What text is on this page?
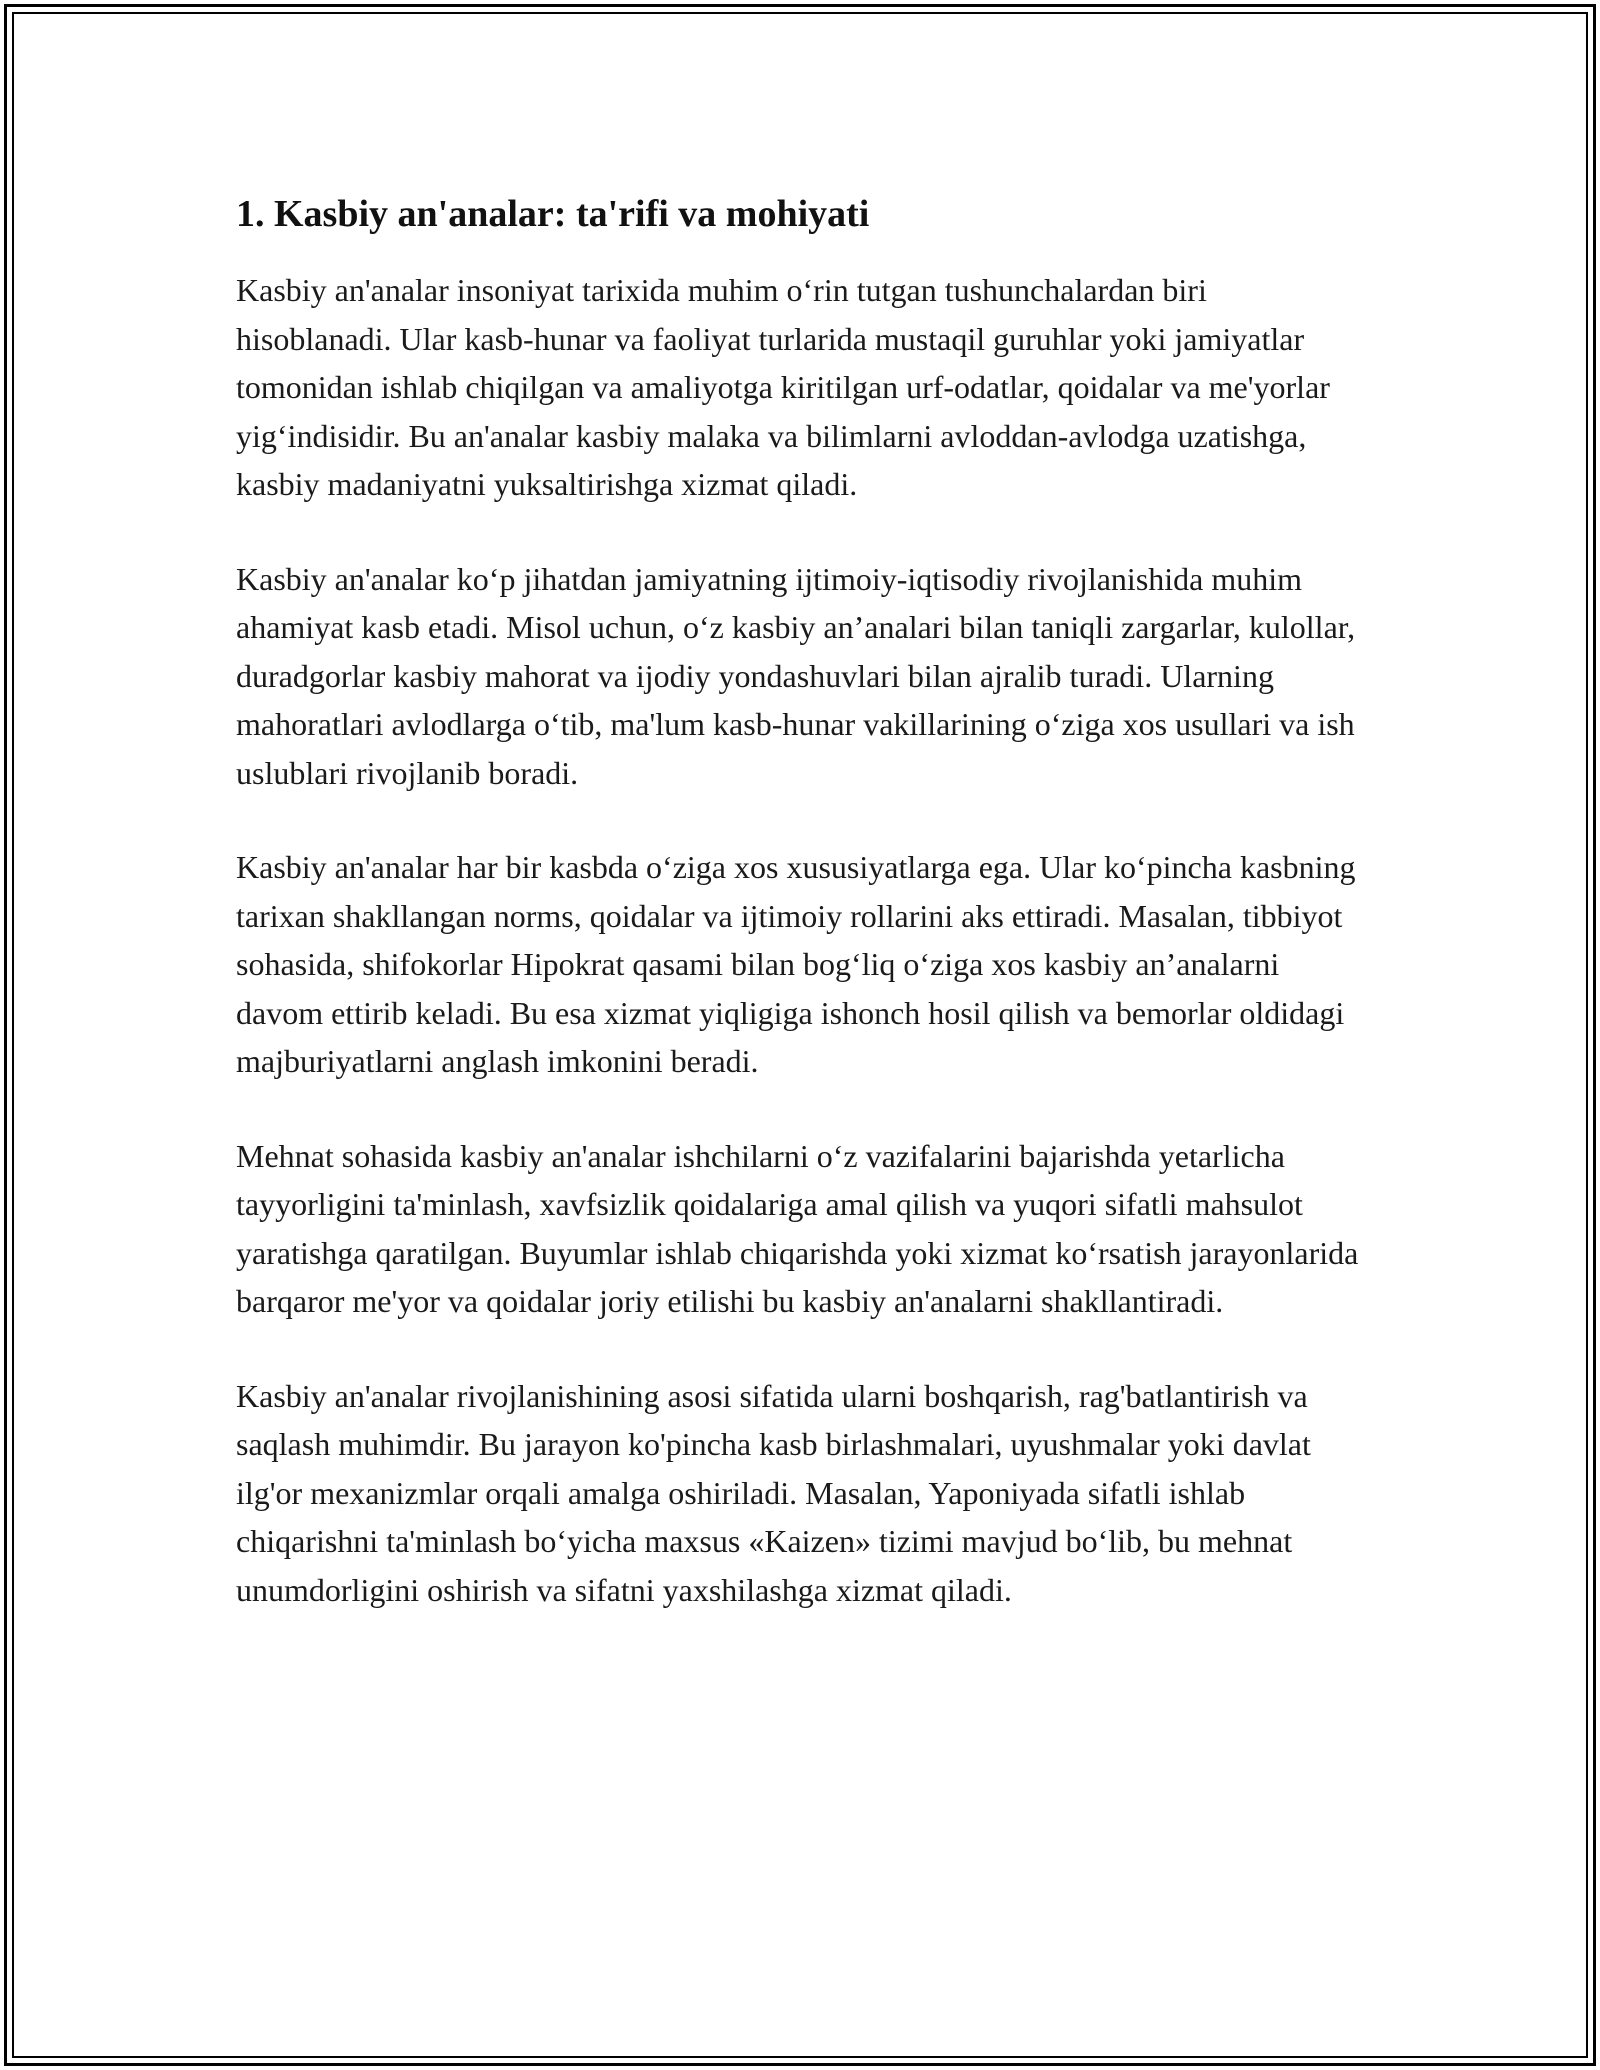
1. Kasbiy an'analar: ta'rifi va mohiyati

Kasbiy an'analar insoniyat tarixida muhim o‘rin tutgan tushunchalardan biri hisoblanadi. Ular kasb-hunar va faoliyat turlarida mustaqil guruhlar yoki jamiyatlar tomonidan ishlab chiqilgan va amaliyotga kiritilgan urf-odatlar, qoidalar va me'yorlar yig‘indisidir. Bu an'analar kasbiy malaka va bilimlarni avloddan-avlodga uzatishga, kasbiy madaniyatni yuksaltirishga xizmat qiladi.

Kasbiy an'analar ko‘p jihatdan jamiyatning ijtimoiy-iqtisodiy rivojlanishida muhim ahamiyat kasb etadi. Misol uchun, o‘z kasbiy an’analari bilan taniqli zargarlar, kulollar, duradgorlar kasbiy mahorat va ijodiy yondashuvlari bilan ajralib turadi. Ularning mahoratlari avlodlarga o‘tib, ma'lum kasb-hunar vakillarining o‘ziga xos usullari va ish uslublari rivojlanib boradi.

Kasbiy an'analar har bir kasbda o‘ziga xos xususiyatlarga ega. Ular ko‘pincha kasbning tarixan shakllangan norms, qoidalar va ijtimoiy rollarini aks ettiradi. Masalan, tibbiyot sohasida, shifokorlar Hipokrat qasami bilan bog‘liq o‘ziga xos kasbiy an’analarni davom ettirib keladi. Bu esa xizmat yiqligiga ishonch hosil qilish va bemorlar oldidagi majburiyatlarni anglash imkonini beradi.

Mehnat sohasida kasbiy an'analar ishchilarni o‘z vazifalarini bajarishda yetarlicha tayyorligini ta'minlash, xavfsizlik qoidalariga amal qilish va yuqori sifatli mahsulot yaratishga qaratilgan. Buyumlar ishlab chiqarishda yoki xizmat ko‘rsatish jarayonlarida barqaror me'yor va qoidalar joriy etilishi bu kasbiy an'analarni shakllantiradi.

Kasbiy an'analar rivojlanishining asosi sifatida ularni boshqarish, rag'batlantirish va saqlash muhimdir. Bu jarayon ko'pincha kasb birlashmalari, uyushmalar yoki davlat ilg'or mexanizmlar orqali amalga oshiriladi. Masalan, Yaponiyada sifatli ishlab chiqarishni ta'minlash bo‘yicha maxsus «Kaizen» tizimi mavjud bo‘lib, bu mehnat unumdorligini oshirish va sifatni yaxshilashga xizmat qiladi.
